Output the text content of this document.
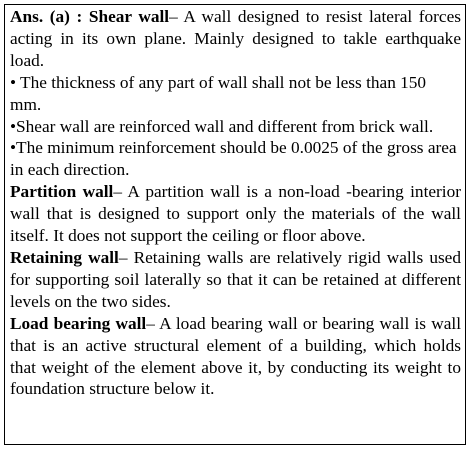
Ans. (a) : Shear wall– A wall designed to resist lateral forces acting in its own plane. Mainly designed to takle earthquake load.

• The thickness of any part of wall shall not be less than 150 mm.

•Shear wall are reinforced wall and different from brick wall.

•The minimum reinforcement should be 0.0025 of the gross area in each direction.

Partition wall– A partition wall is a non-load -bearing interior wall that is designed to support only the materials of the wall itself. It does not support the ceiling or floor above.

Retaining wall– Retaining walls are relatively rigid walls used for supporting soil laterally so that it can be retained at different levels on the two sides.

Load bearing wall– A load bearing wall or bearing wall is wall that is an active structural element of a building, which holds that weight of the element above it, by conducting its weight to foundation structure below it.
